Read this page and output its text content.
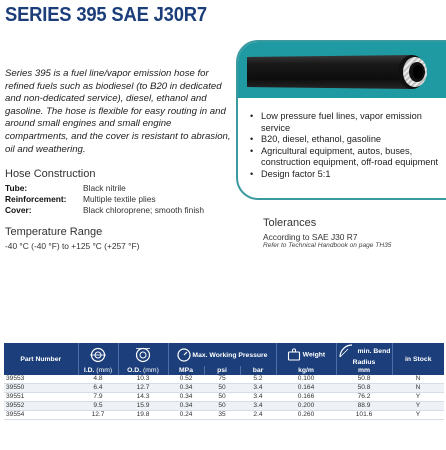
SERIES 395 SAE J30R7

Series 395 is a fuel line/vapor emission hose for refined fuels such as biodiesel (to B20 in dedicated and non-dedicated service), diesel, ethanol and gasoline. The hose is flexible for easy routing in and around small engines and small engine compartments, and the cover is resistant to abrasion, oil and weathering.

Hose Construction
Tube:	Black nitrile
Reinforcement: Multiple textile plies
Cover:	Black chloroprene; smooth finish
Temperature Range
-40 °C (-40 °F) to +125 °C (+257 °F)
• Low pressure fuel lines, vapor emission service
• B20, diesel, ethanol, gasoline
• Agricultural equipment, autos, buses, construction equipment, off-road equipment
• Design factor 5:1
Tolerances
According to SAE J30 R7
Refer to Technical Handbook on page TH35
Part Number			Max. Working Pressure			Weight	min. Bend Radius	in Stock
	I.D. (mm)	O.D. (mm)	MPa	psi	bar	kg/m	mm	
39553	4.8	10.3	0.52	75	5.2	0.100	50.8	N
39550	6.4	12.7	0.34	50	3.4	0.164	50.8	N
39551	7.9	14.3	0.34	50	3.4	0.166	76.2	Y
39552	9.5	15.9	0.34	50	3.4	0.200	88.9	Y
39554	12.7	19.8	0.24	35	2.4	0.260	101.6	Y
